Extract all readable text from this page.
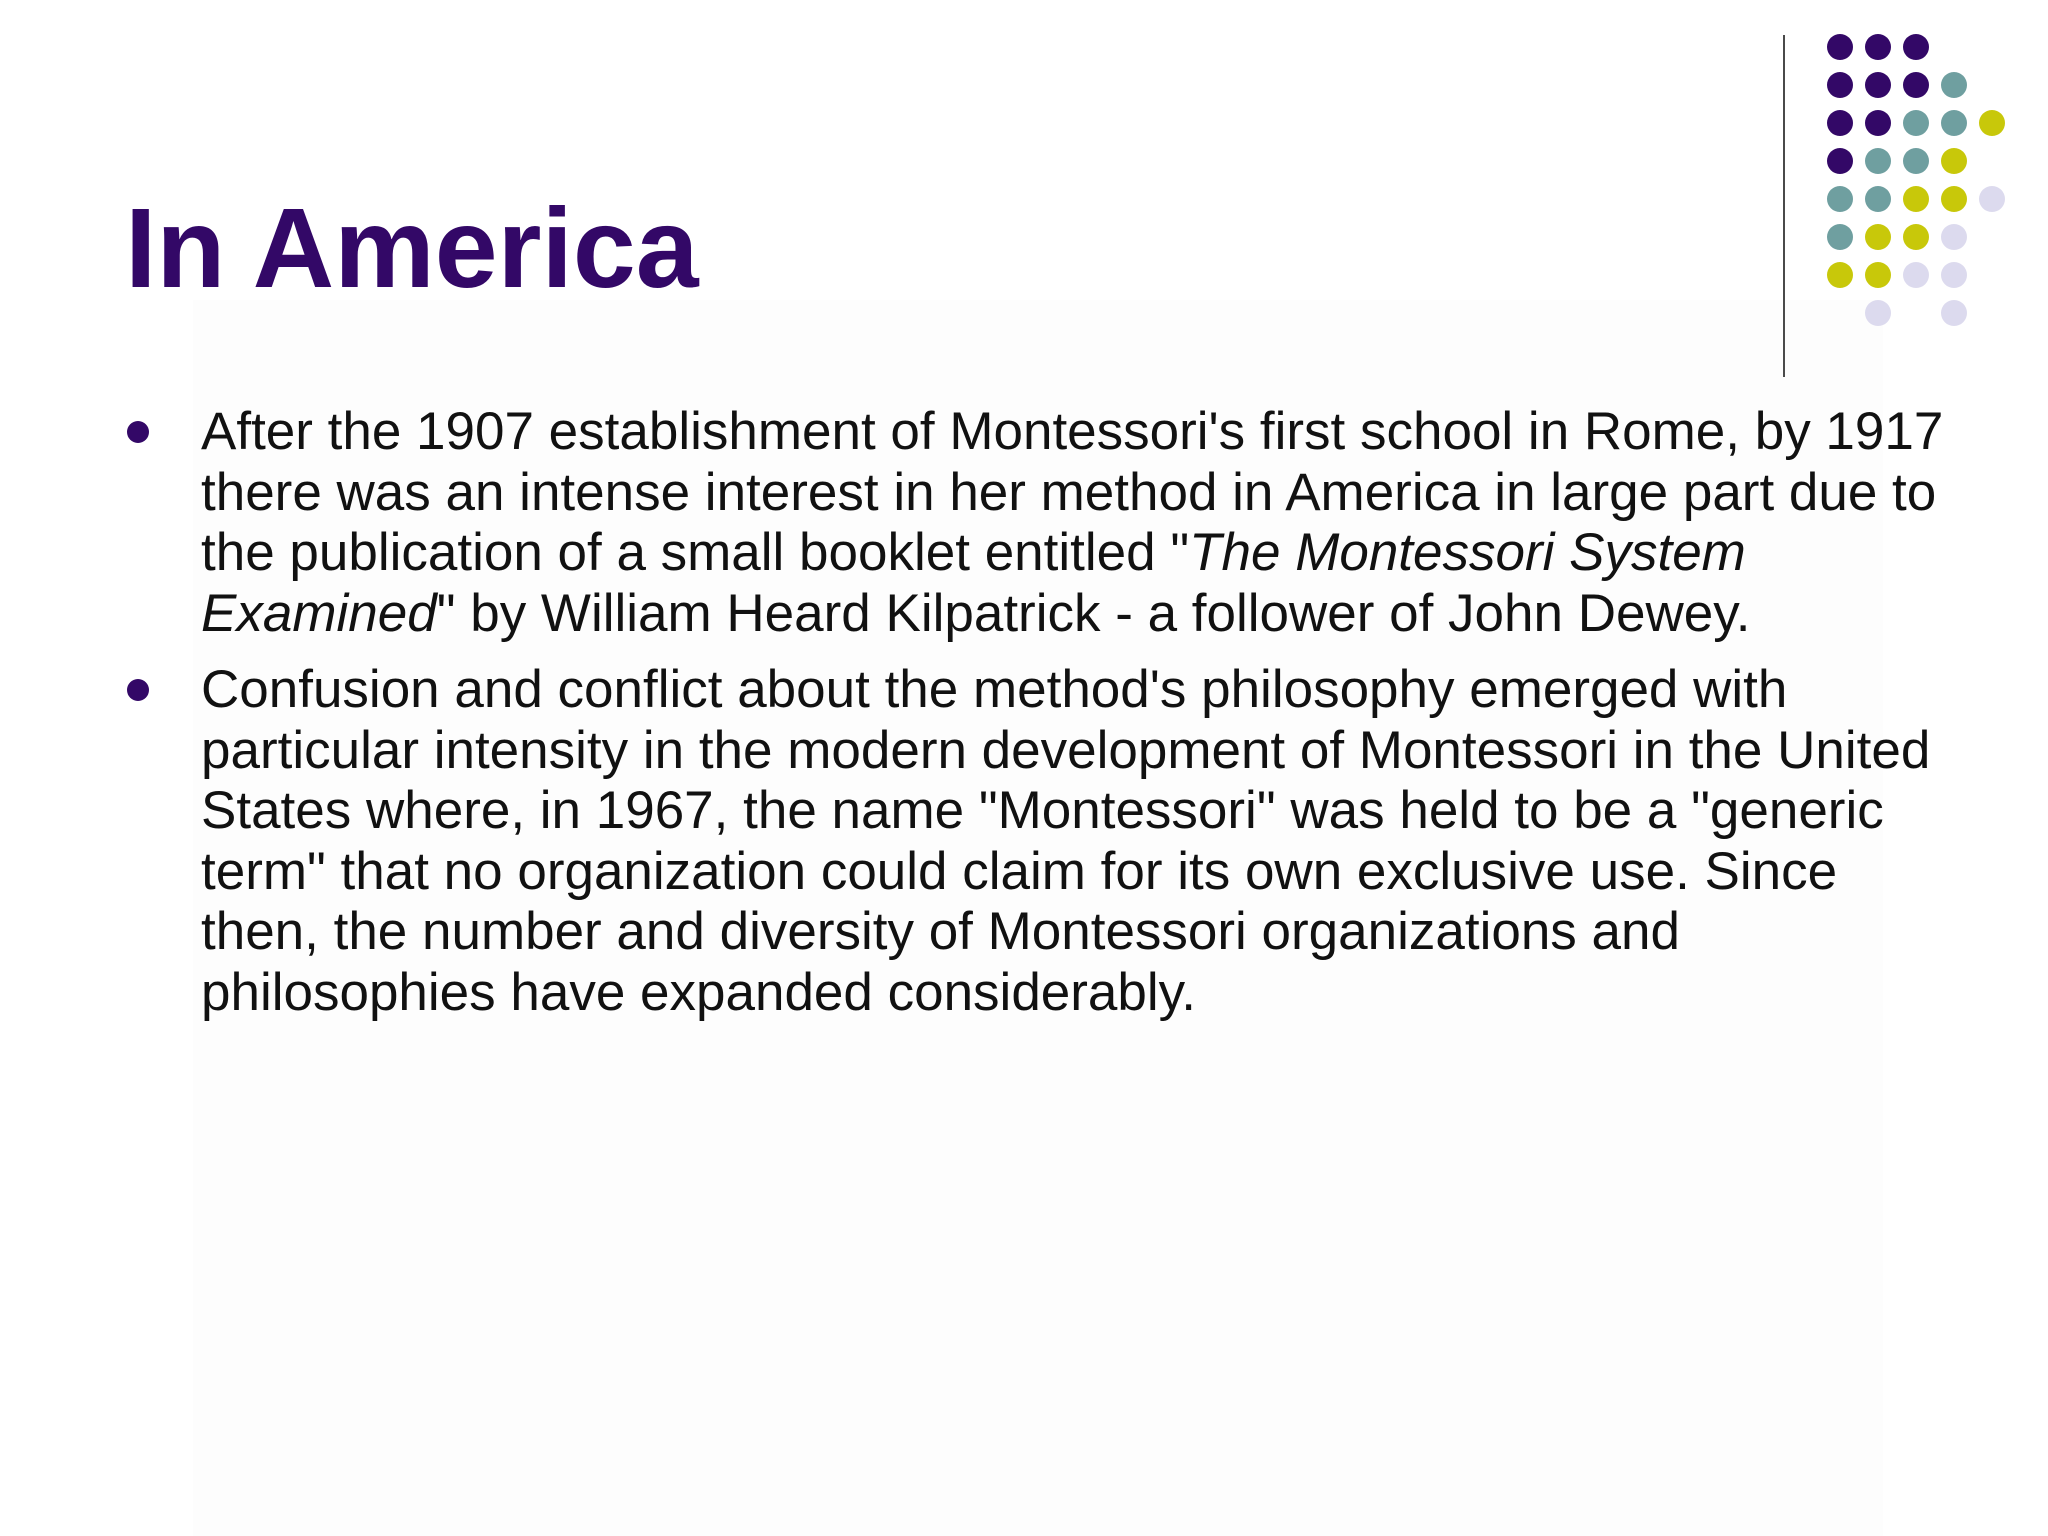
In America
After the 1907 establishment of Montessori's first school in Rome, by 1917 there was an intense interest in her method in America in large part due to the publication of a small booklet entitled "The Montessori System Examined" by William Heard Kilpatrick - a follower of John Dewey.
Confusion and conflict about the method's philosophy emerged with particular intensity in the modern development of Montessori in the United States where, in 1967, the name "Montessori" was held to be a "generic term" that no organization could claim for its own exclusive use. Since then, the number and diversity of Montessori organizations and philosophies have expanded considerably.
